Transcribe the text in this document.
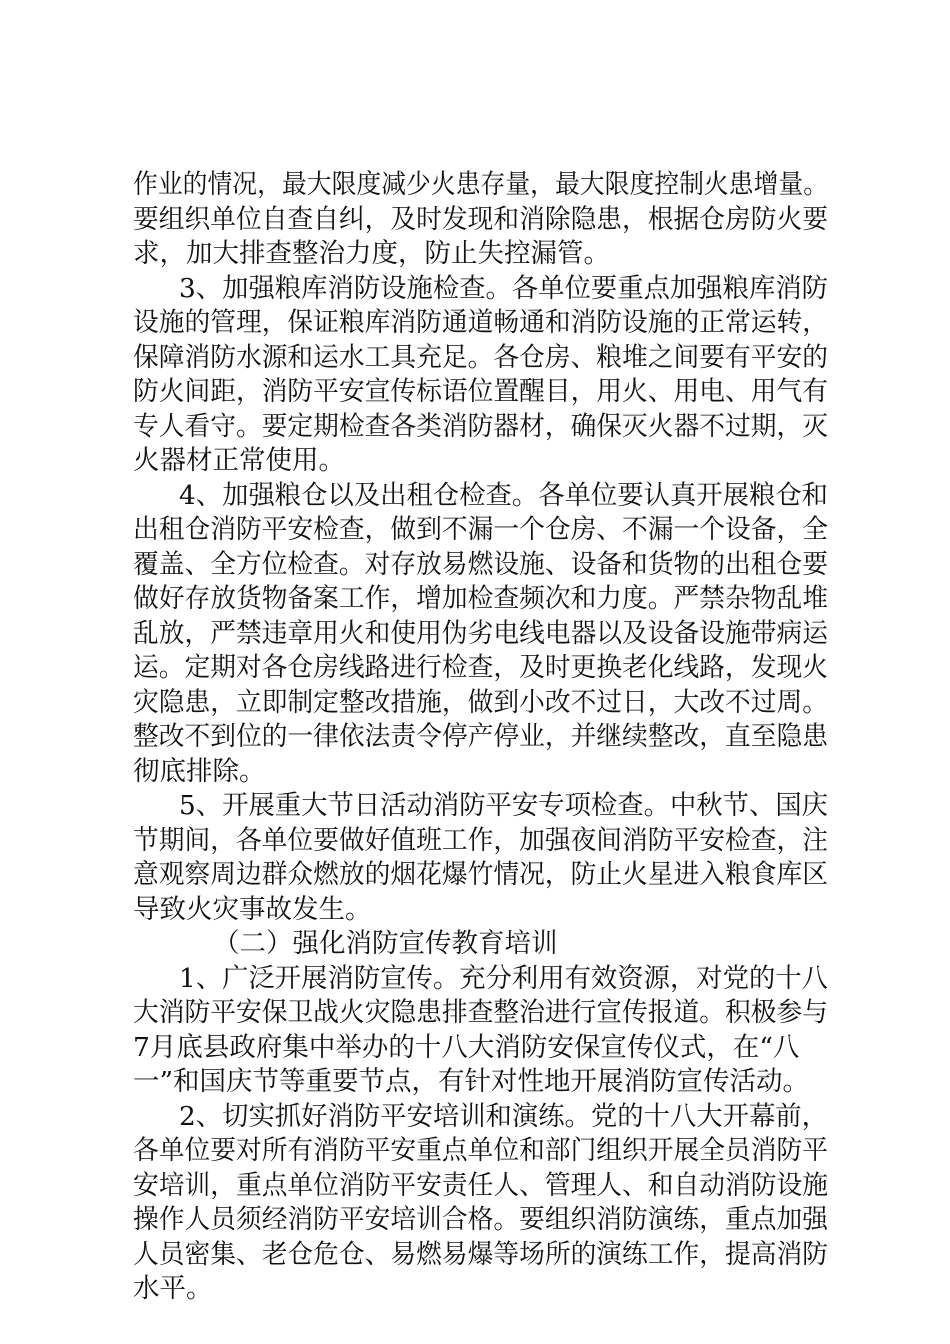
作业的情况，最大限度减少火患存量，最大限度控制火患增量。
要组织单位自查自纠，及时发现和消除隐患，根据仓房防火要
求，加大排查整治力度，防止失控漏管。
3、加强粮库消防设施检查。各单位要重点加强粮库消防
设施的管理，保证粮库消防通道畅通和消防设施的正常运转，
保障消防水源和运水工具充足。各仓房、粮堆之间要有平安的
防火间距，消防平安宣传标语位置醒目，用火、用电、用气有
专人看守。要定期检查各类消防器材，确保灭火器不过期，灭
火器材正常使用。
4、加强粮仓以及出租仓检查。各单位要认真开展粮仓和
出租仓消防平安检查，做到不漏一个仓房、不漏一个设备，全
覆盖、全方位检查。对存放易燃设施、设备和货物的出租仓要
做好存放货物备案工作，增加检查频次和力度。严禁杂物乱堆
乱放，严禁违章用火和使用伪劣电线电器以及设备设施带病运
运。定期对各仓房线路进行检查，及时更换老化线路，发现火
灾隐患，立即制定整改措施，做到小改不过日，大改不过周。
整改不到位的一律依法责令停产停业，并继续整改，直至隐患
彻底排除。
5、开展重大节日活动消防平安专项检查。中秋节、国庆
节期间，各单位要做好值班工作，加强夜间消防平安检查，注
意观察周边群众燃放的烟花爆竹情况，防止火星进入粮食库区
导致火灾事故发生。
（二）强化消防宣传教育培训
1、广泛开展消防宣传。充分利用有效资源，对党的十八
大消防平安保卫战火灾隐患排查整治进行宣传报道。积极参与
7月底县政府集中举办的十八大消防安保宣传仪式，在“八
一”和国庆节等重要节点，有针对性地开展消防宣传活动。
2、切实抓好消防平安培训和演练。党的十八大开幕前，
各单位要对所有消防平安重点单位和部门组织开展全员消防平
安培训，重点单位消防平安责任人、管理人、和自动消防设施
操作人员须经消防平安培训合格。要组织消防演练，重点加强
人员密集、老仓危仓、易燃易爆等场所的演练工作，提高消防
水平。
